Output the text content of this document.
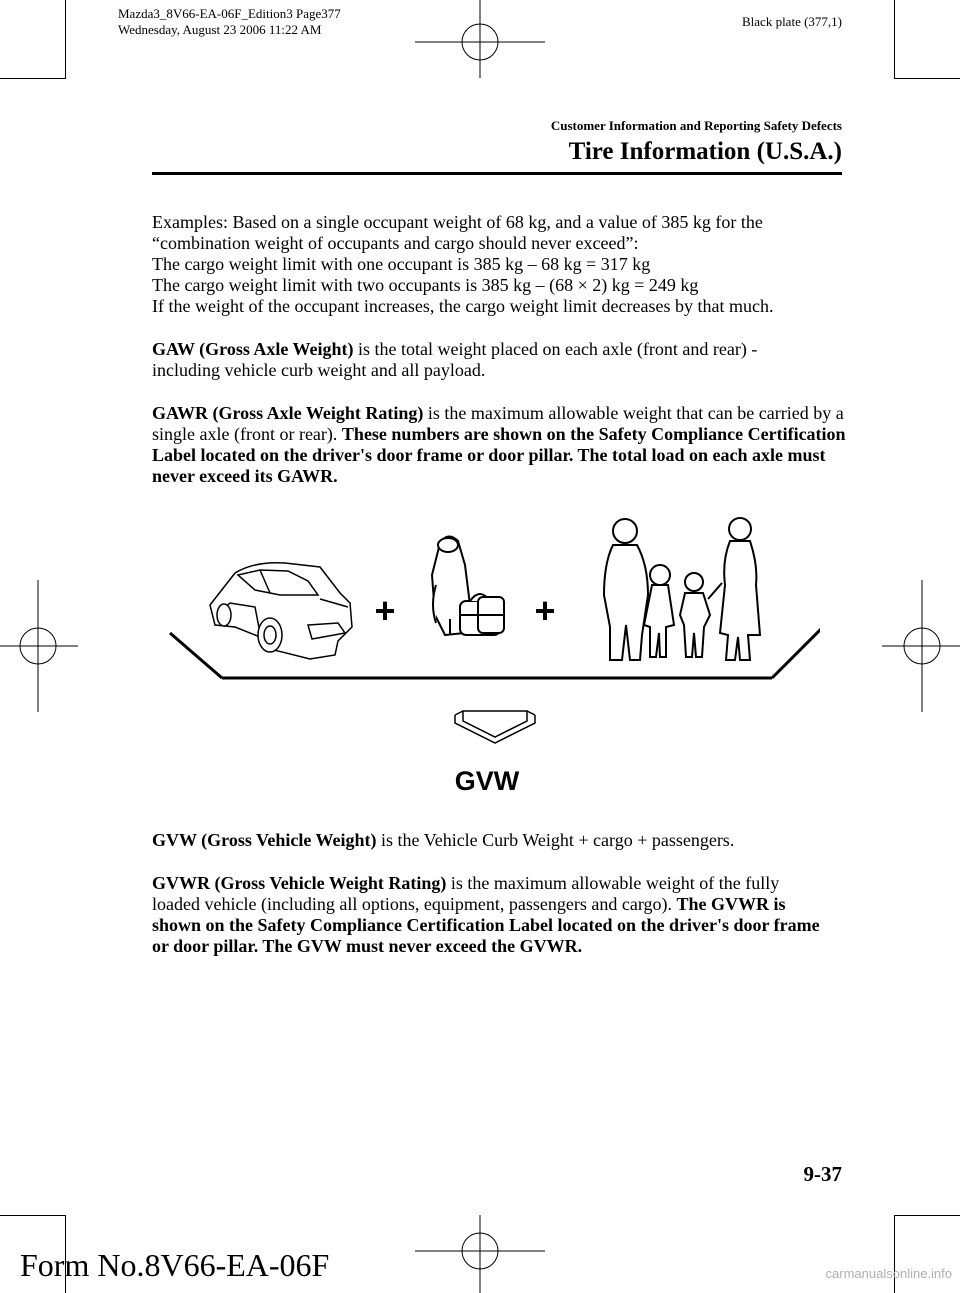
Mazda3_8V66-EA-06F_Edition3 Page377
Wednesday, August 23 2006 11:22 AM
Black plate (377,1)
Customer Information and Reporting Safety Defects
Tire Information (U.S.A.)

Examples: Based on a single occupant weight of 68 kg, and a value of 385 kg for the

“combination weight of occupants and cargo should never exceed”:

The cargo weight limit with one occupant is 385 kg – 68 kg = 317 kg

The cargo weight limit with two occupants is 385 kg – (68 × 2) kg = 249 kg

If the weight of the occupant increases, the cargo weight limit decreases by that much.

GAW (Gross Axle Weight) is the total weight placed on each axle (front and rear) - including vehicle curb weight and all payload.

GAWR (Gross Axle Weight Rating) is the maximum allowable weight that can be carried by a single axle (front or rear). These numbers are shown on the Safety Compliance Certification Label located on the driver's door frame or door pillar. The total load on each axle must never exceed its GAWR.

+	+
GVW

GVW (Gross Vehicle Weight) is the Vehicle Curb Weight + cargo + passengers.

GVWR (Gross Vehicle Weight Rating) is the maximum allowable weight of the fully loaded vehicle (including all options, equipment, passengers and cargo). The GVWR is shown on the Safety Compliance Certification Label located on the driver's door frame or door pillar. The GVW must never exceed the GVWR.

9-37
Form No.8V66-EA-06F	carmanualsonline.info
